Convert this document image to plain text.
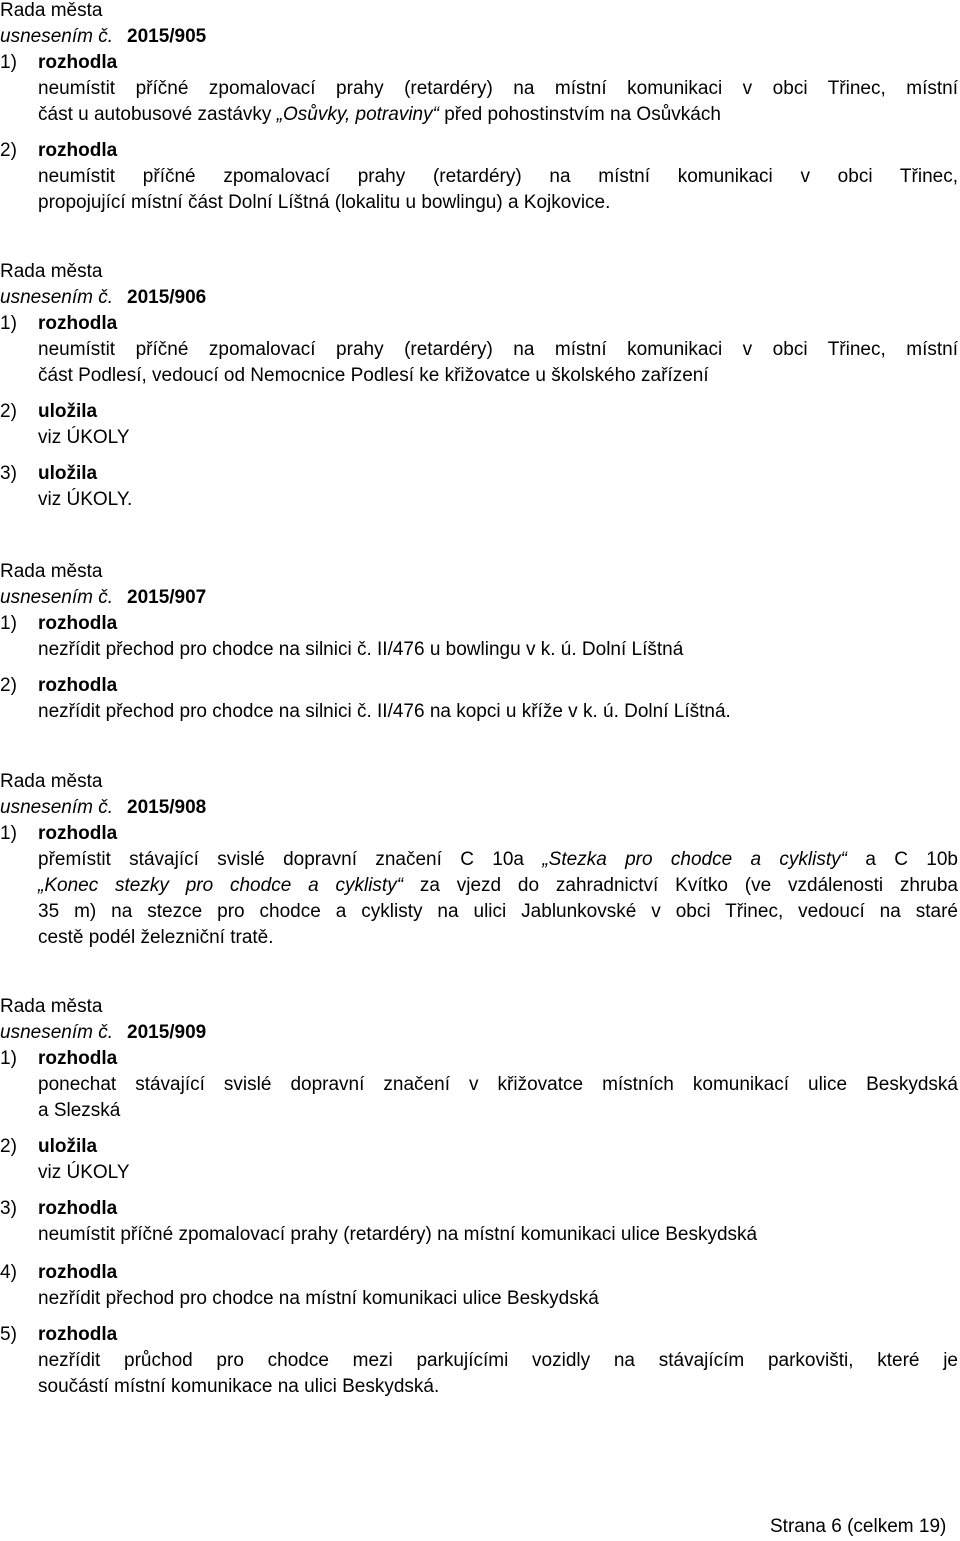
Rada města
usnesením č. 2015/905
1) rozhodla
neumístit příčné zpomalovací prahy (retardéry) na místní komunikaci v obci Třinec, místní
část u autobusové zastávky „Osůvky, potraviny“ před pohostinstvím na Osůvkách
2) rozhodla
neumístit příčné zpomalovací prahy (retardéry) na místní komunikaci v obci Třinec,
propojující místní část Dolní Líštná (lokalitu u bowlingu) a Kojkovice.
Rada města
usnesením č. 2015/906
1) rozhodla
neumístit příčné zpomalovací prahy (retardéry) na místní komunikaci v obci Třinec, místní
část Podlesí, vedoucí od Nemocnice Podlesí ke křižovatce u školského zařízení
2) uložila
viz ÚKOLY
3) uložila
viz ÚKOLY.
Rada města
usnesením č. 2015/907
1) rozhodla
nezřídit přechod pro chodce na silnici č. II/476 u bowlingu v k. ú. Dolní Líštná
2) rozhodla
nezřídit přechod pro chodce na silnici č. II/476 na kopci u kříže v k. ú. Dolní Líštná.
Rada města
usnesením č. 2015/908
1) rozhodla
přemístit stávající svislé dopravní značení C 10a „Stezka pro chodce a cyklisty“ a C 10b
„Konec stezky pro chodce a cyklisty“ za vjezd do zahradnictví Kvítko (ve vzdálenosti zhruba
35 m) na stezce pro chodce a cyklisty na ulici Jablunkovské v obci Třinec, vedoucí na staré
cestě podél železniční tratě.
Rada města
usnesením č. 2015/909
1) rozhodla
ponechat stávající svislé dopravní značení v křižovatce místních komunikací ulice Beskydská
a Slezská
2) uložila
viz ÚKOLY
3) rozhodla
neumístit příčné zpomalovací prahy (retardéry) na místní komunikaci ulice Beskydská
4) rozhodla
nezřídit přechod pro chodce na místní komunikaci ulice Beskydská
5) rozhodla
nezřídit průchod pro chodce mezi parkujícími vozidly na stávajícím parkovišti, které je
součástí místní komunikace na ulici Beskydská.
Strana 6 (celkem 19)
